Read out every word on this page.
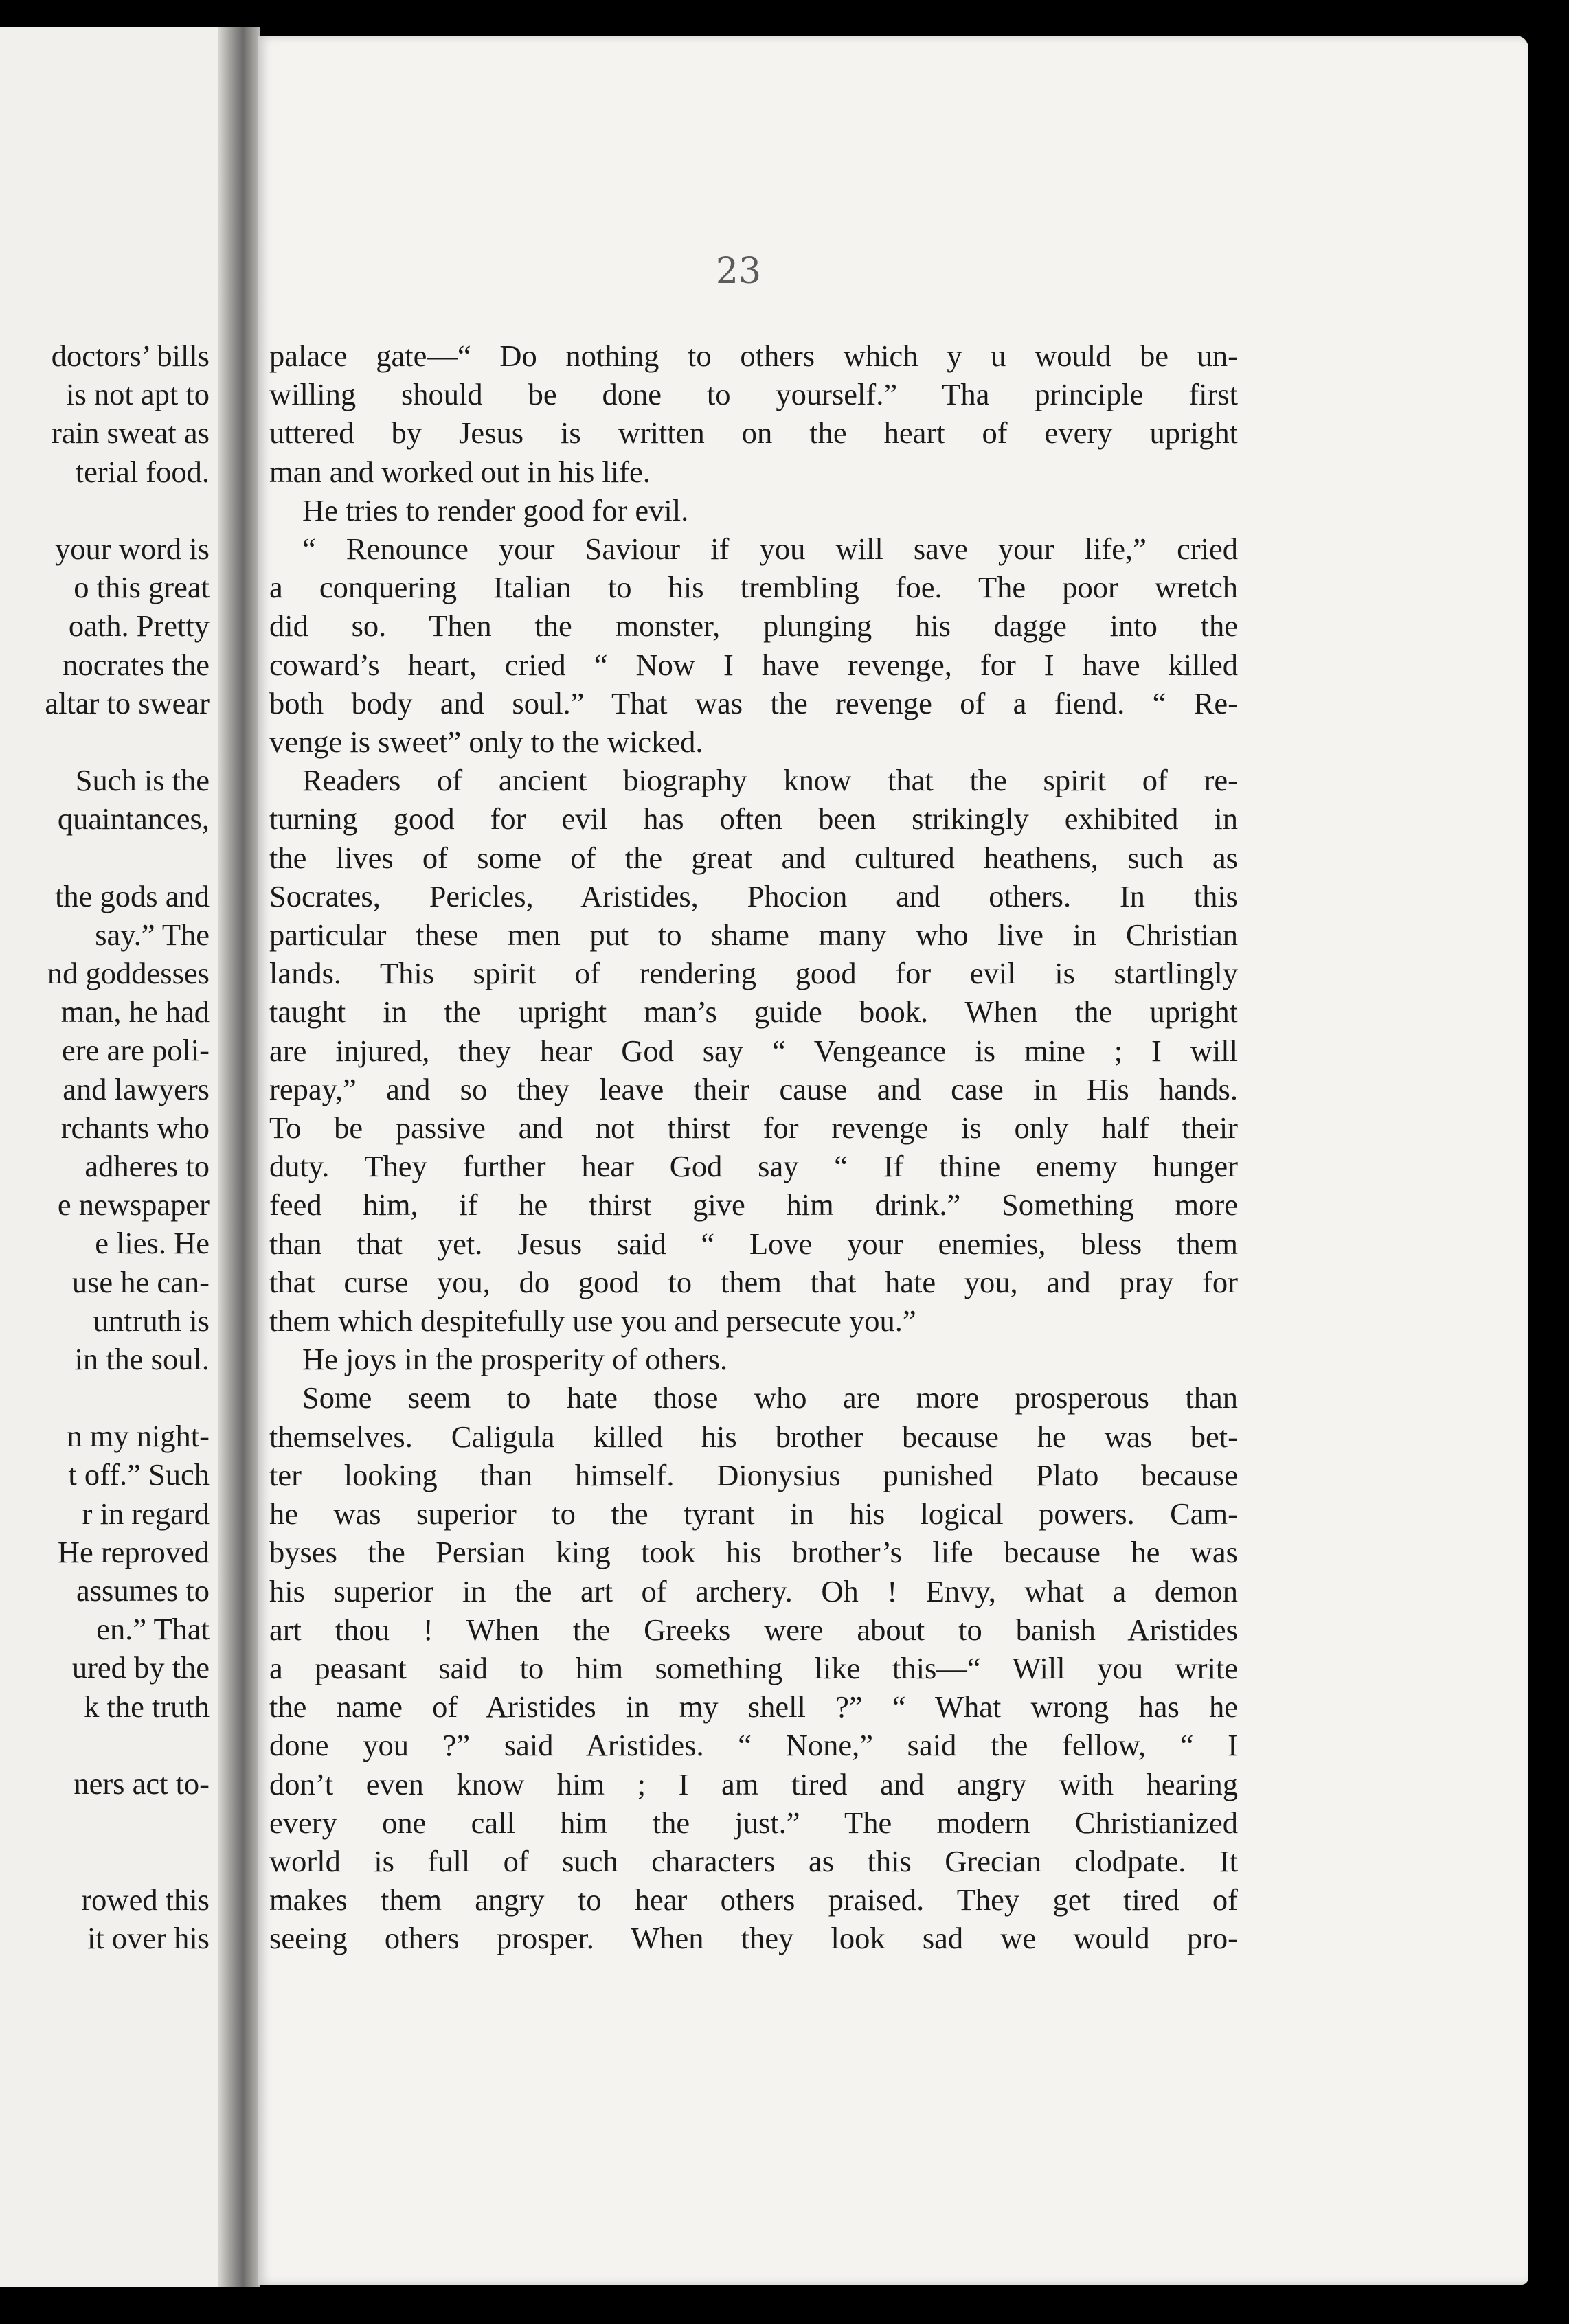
23
doctors’ bills
is not apt to
rain sweat as
terial food.
your word is
o this great
oath. Pretty
nocrates the
altar to swear
Such is the
quaintances,
the gods and
say.” The
nd goddesses
man, he had
ere are poli-
and lawyers
rchants who
adheres to
e newspaper
e lies. He
use he can-
untruth is
in the soul.
n my night-
t off.” Such
r in regard
He reproved
assumes to
en.” That
ured by the
k the truth
ners act to-
rowed this
it over his
palace gate—“ Do nothing to others which y u would be un-
willing should be done to yourself.” Tha principle first
uttered by Jesus is written on the heart of every upright
man and worked out in his life.
He tries to render good for evil.
“ Renounce your Saviour if you will save your life,” cried
a conquering Italian to his trembling foe. The poor wretch
did so. Then the monster, plunging his dagge into the
coward’s heart, cried “ Now I have revenge, for I have killed
both body and soul.” That was the revenge of a fiend. “ Re-
venge is sweet” only to the wicked.
Readers of ancient biography know that the spirit of re-
turning good for evil has often been strikingly exhibited in
the lives of some of the great and cultured heathens, such as
Socrates, Pericles, Aristides, Phocion and others. In this
particular these men put to shame many who live in Christian
lands. This spirit of rendering good for evil is startlingly
taught in the upright man’s guide book. When the upright
are injured, they hear God say “ Vengeance is mine ; I will
repay,” and so they leave their cause and case in His hands.
To be passive and not thirst for revenge is only half their
duty. They further hear God say “ If thine enemy hunger
feed him, if he thirst give him drink.” Something more
than that yet. Jesus said “ Love your enemies, bless them
that curse you, do good to them that hate you, and pray for
them which despitefully use you and persecute you.”
He joys in the prosperity of others.
Some seem to hate those who are more prosperous than
themselves. Caligula killed his brother because he was bet-
ter looking than himself. Dionysius punished Plato because
he was superior to the tyrant in his logical powers. Cam-
byses the Persian king took his brother’s life because he was
his superior in the art of archery. Oh ! Envy, what a demon
art thou ! When the Greeks were about to banish Aristides
a peasant said to him something like this—“ Will you write
the name of Aristides in my shell ?” “ What wrong has he
done you ?” said Aristides. “ None,” said the fellow, “ I
don’t even know him ; I am tired and angry with hearing
every one call him the just.” The modern Christianized
world is full of such characters as this Grecian clodpate. It
makes them angry to hear others praised. They get tired of
seeing others prosper. When they look sad we would pro-
